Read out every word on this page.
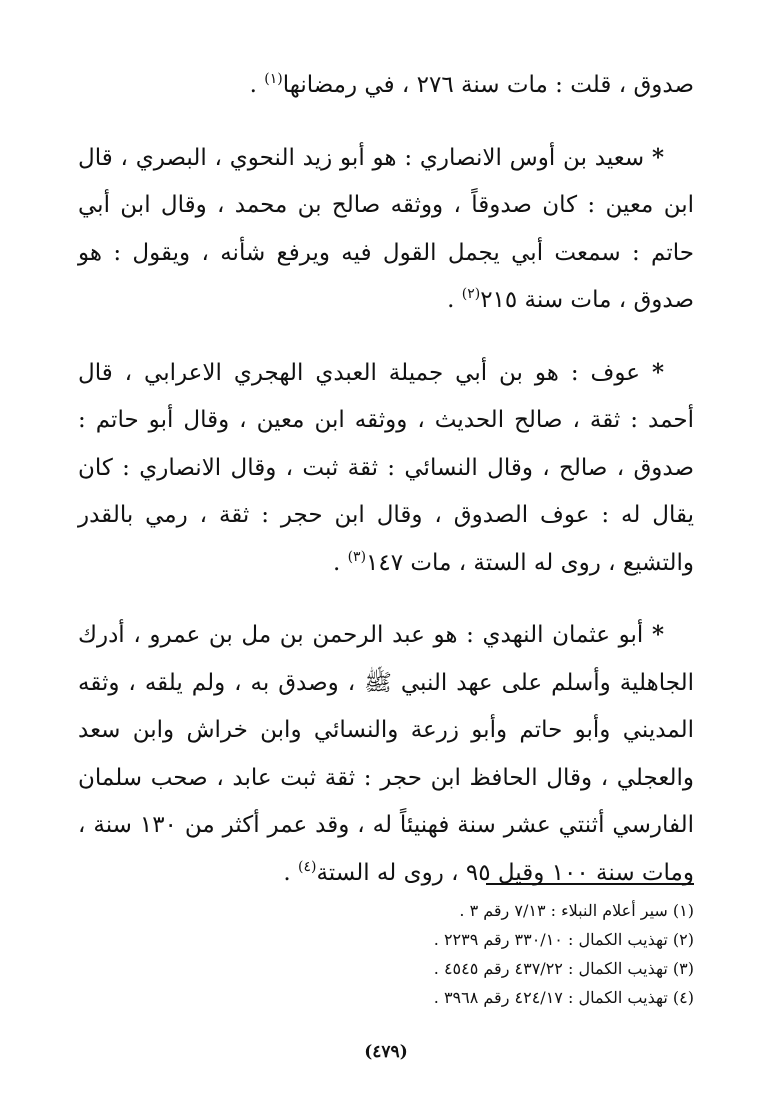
صدوق ، قلت : مات سنة ٢٧٦ ، في رمضانها$^{(١)}$ .

* سعيد بن أوس الانصاري : هو أبو زيد النحوي ، البصري ، قال ابن معين : كان صدوقاً ، ووثقه صالح بن محمد ، وقال ابن أبي حاتم : سمعت أبي يجمل القول فيه ويرفع شأنه ، ويقول : هو صدوق ، مات سنة ٢١٥$^{(٢)}$ .

* عوف : هو بن أبي جميلة العبدي الهجري الاعرابي ، قال أحمد : ثقة ، صالح الحديث ، ووثقه ابن معين ، وقال أبو حاتم : صدوق ، صالح ، وقال النسائي : ثقة ثبت ، وقال الانصاري : كان يقال له : عوف الصدوق ، وقال ابن حجر : ثقة ، رمي بالقدر والتشيع ، روى له الستة ، مات ١٤٧$^{(٣)}$ .

* أبو عثمان النهدي : هو عبد الرحمن بن مل بن عمرو ، أدرك الجاهلية وأسلم على عهد النبي ﷺ ، وصدق به ، ولم يلقه ، وثقه المديني وأبو حاتم وأبو زرعة والنسائي وابن خراش وابن سعد والعجلي ، وقال الحافظ ابن حجر : ثقة ثبت عابد ، صحب سلمان الفارسي أثنتي عشر سنة فهنيئاً له ، وقد عمر أكثر من ١٣٠ سنة ، ومات سنة ١٠٠ وقيل ٩٥ ، روى له الستة$^{(٤)}$ .

(١) سير أعلام النبلاء : ٧/١٣ رقم ٣ .

(٢) تهذيب الكمال : ٣٣٠/١٠ رقم ٢٢٣٩ .

(٣) تهذيب الكمال : ٤٣٧/٢٢ رقم ٤٥٤٥ .

(٤) تهذيب الكمال : ٤٢٤/١٧ رقم ٣٩٦٨ .

(٤٧٩)
